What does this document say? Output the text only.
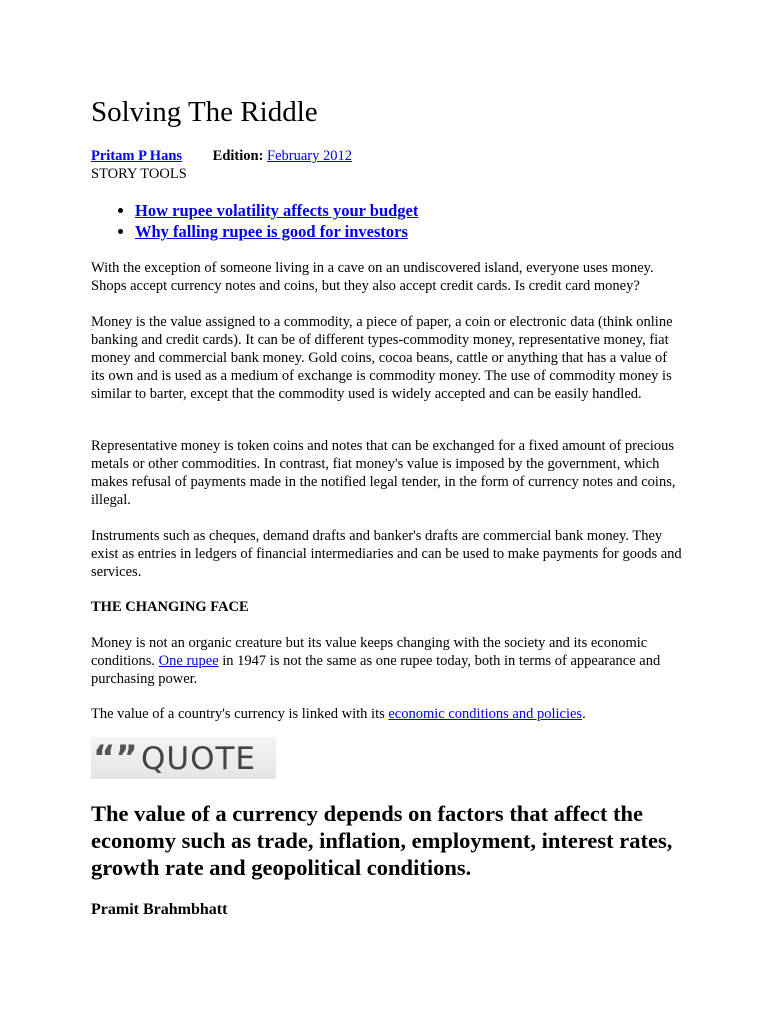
Solving The Riddle
Pritam P Hans Edition: February 2012
STORY TOOLS
• How rupee volatility affects your budget
• Why falling rupee is good for investors

With the exception of someone living in a cave on an undiscovered island, everyone uses money. Shops accept currency notes and coins, but they also accept credit cards. Is credit card money?

Money is the value assigned to a commodity, a piece of paper, a coin or electronic data (think online banking and credit cards). It can be of different types-commodity money, representative money, fiat money and commercial bank money. Gold coins, cocoa beans, cattle or anything that has a value of its own and is used as a medium of exchange is commodity money. The use of commodity money is similar to barter, except that the commodity used is widely accepted and can be easily handled.

Representative money is token coins and notes that can be exchanged for a fixed amount of precious metals or other commodities. In contrast, fiat money's value is imposed by the government, which makes refusal of payments made in the notified legal tender, in the form of currency notes and coins, illegal.

Instruments such as cheques, demand drafts and banker's drafts are commercial bank money. They exist as entries in ledgers of financial intermediaries and can be used to make payments for goods and services.

THE CHANGING FACE

Money is not an organic creature but its value keeps changing with the society and its economic conditions. One rupee in 1947 is not the same as one rupee today, both in terms of appearance and purchasing power.

The value of a country's currency is linked with its economic conditions and policies.

“” QUOTE

The value of a currency depends on factors that affect the economy such as trade, inflation, employment, interest rates, growth rate and geopolitical conditions.

Pramit Brahmbhatt
